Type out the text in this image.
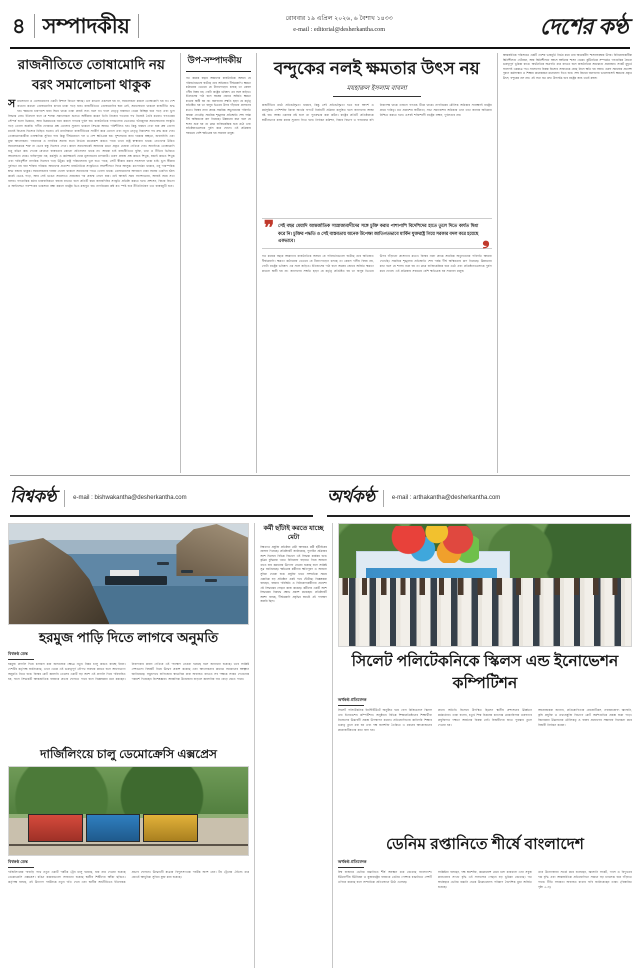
৪ সম্পাদকীয়	রোববার ১৯ এপ্রিল ২০২৬, ৬ বৈশাখ ১৪৩৩
e-mail : editorial@desherkantha.com	দেশের কণ্ঠ
রাজনীতিতে তোষামোদি নয় বরং সমালোচনা থাকুক
সমালোচনা ও তোষামোদের একটা বিশাল বিভেদ আছে। গুণ কখনো একসঙ্গে হয় না, সমালোচনা করলে তোষামোদি হয় না। দেশ কখনো কখনো তোষামোদির চাদরে ঢাকা পড়ে যায়। রাজনীতিতে তোষামোদির স্থান নেই, সমালোচনা থাকলে রাজনীতি শুদ্ধ হয়। ক্ষমতার চারপাশে যারা ঘিরে থাকে তারা প্রায়ই সত্য বলে না। ফলে নেতৃত্ব বাস্তবতা থেকে বিচ্ছিন্ন হয়ে পড়ে এবং ভুল সিদ্ধান্ত নেয়। ইতিহাস বলে যে শাসক সমালোচনা শুনতে অস্বীকার করেন তিনি নিজের পতনের পথ নিজেই তৈরি করেন। গণতন্ত্রের সৌন্দর্য হলো ভিন্নমত, আর ভিন্নমতকে দমন করলে গণতন্ত্র দুর্বল হয়। রাজনৈতিক দলগুলোর ভেতরেও গঠনমূলক সমালোচনার সংস্কৃতি গড়ে তোলা জরুরি। দলীয় ফোরামে প্রশ্ন তোলার সুযোগ থাকলে সিদ্ধান্ত আরও পরিশীলিত হয়। কিন্তু বাস্তবে দেখা যায় প্রশ্ন তোলা মানেই বিদ্রোহ হিসেবে চিহ্নিত হওয়া। এই মানসিকতা রাজনীতিকে সংকীর্ণ করে তোলে এবং নতুন নেতৃত্ব বিকাশের পথ রুদ্ধ করে দেয়। তোষামোদকারীরা তাৎক্ষণিক সুবিধা পায় কিন্তু দীর্ঘমেয়াদে দল ও দেশ ক্ষতিগ্রস্ত হয়। সুশাসনের জন্য দরকার স্বচ্ছতা, জবাবদিহি এবং মুক্ত আলোচনা। গণমাধ্যম ও নাগরিক সমাজ যখন নির্ভয়ে মতপ্রকাশ করতে পারে তখন রাষ্ট্র স্বাস্থ্যবান থাকে। নেতাদের উচিত সমালোচককে শত্রু না ভেবে বন্ধু হিসেবে দেখা। কারণ সমালোচকই আয়নার মতো প্রকৃত চেহারা দেখিয়ে দেয়। অন্যদিকে তোষামোদি শুধু রঙিন কাচ দেখায় যেখানে বাস্তবতার কোনো প্রতিফলন থাকে না। আমরা চাই রাজনীতিতে যুক্তি, তথ্য ও নীতির ভিত্তিতে আলোচনা হোক। ব্যক্তিপূজা নয়, কর্মসূচি ও কর্মদক্ষতাই হোক মূল্যায়নের মাপকাঠি। তরুণ প্রজন্ম প্রশ্ন করতে শিখুক, যাচাই করতে শিখুক এবং দায়িত্বশীল নাগরিক হিসেবে গড়ে উঠুক। রাষ্ট্র পরিচালনায় ভুল হতে পারে, সেটি স্বীকার করার সৎসাহস থাকা চাই। ভুল স্বীকার দুর্বলতা নয় বরং শক্তির পরিচয়। আমাদের প্রত্যাশা রাজনৈতিক সংস্কৃতিতে সহনশীলতা ফিরে আসুক। মতপার্থক্য থাকবে, তবু পারস্পরিক শ্রদ্ধা বজায় থাকুক। সমালোচনার দরজা খোলা থাকলে সমাধানের পথও খোলা থাকে। তোষামোদের আবরণে ঢাকা সমাজ একদিন হঠাৎ করেই ভেঙে পড়ে, আর সেই ভাঙন সামলাতে প্রজন্মের পর প্রজন্ম লেগে যায়। তাই আজই সময় সংশোধনের, আজই সময় সত্য বলার। গণতান্ত্রিক চর্চার ধারাবাহিকতা বজায় রাখতে হলে প্রতিটি স্তরে জবাবদিহির সংস্কৃতি প্রতিষ্ঠা করতে হবে। প্রশাসন, বিচার বিভাগ ও আইনসভা পরস্পরের ভারসাম্য রক্ষা করলে রাষ্ট্রের ভিত মজবুত হয়। নাগরিকের কণ্ঠ যত স্পষ্ট হবে নীতিনির্ধারণ তত বাস্তবমুখী হবে।
উপ-সম্পাদকীয়
গত কয়েক বছরে আমাদের রাজনৈতিক অঙ্গনে যে পরিবর্তনগুলো ঘটেছে তার অভিঘাত দীর্ঘমেয়াদি। ক্ষমতা কাঠামোর ভেতরে যে টানাপোড়েন চলছে তা কেবল দলীয় বিষয় নয়, গোটা রাষ্ট্রের ভবিষ্যৎ এর সঙ্গে জড়িত। ইতিহাসের পাঠ বলে অস্ত্রের জোরে অর্জিত ক্ষমতা কখনো স্থায়ী হয় না। জনগণের সম্মতি ছাড়া যে কর্তৃত্ব প্রতিষ্ঠিত হয় তা বালুর ভিতের উপর দাঁড়ানো প্রাসাদের মতো। বিশ্বের নানা প্রান্তে সামরিক অভ্যুত্থানের পরিণতি আমরা দেখেছি। সাময়িক শৃঙ্খলার প্রতিশ্রুতি শেষ পর্যন্ত দীর্ঘ অস্থিরতায় রূপ নিয়েছে। উন্নয়নের কথা বলে যে শাসন শুরু হয় তা ক্রমে ব্যক্তিকেন্দ্রিক হয়ে ওঠে এবং প্রতিষ্ঠানগুলোকে দুর্বল করে ফেলে। এই প্রক্রিয়ায় সবচেয়ে বেশি ক্ষতিগ্রস্ত হয় সাধারণ মানুষ।
বন্দুকের নলই ক্ষমতার উৎস নয়
মযহারুল ইসলাম বাবলা
রাজনীতির মাঠে প্রতিদ্বন্দ্বিতা থাকবে, কিন্তু সেই প্রতিদ্বন্দ্বিতা হতে হবে আদর্শ ও কর্মসূচির। পেশিশক্তি কিংবা অর্থের দাপটে নির্বাচনী প্রক্রিয়া কলুষিত হলে জনগণের আস্থা নষ্ট হয়। আস্থা একবার নষ্ট হলে তা পুনরুদ্ধার করা কঠিন। রাষ্ট্রের প্রতিটি প্রতিষ্ঠানকে স্বাধীনভাবে কাজ করার সুযোগ দিতে হবে। নির্বাচন কমিশন, বিচার বিভাগ ও গণমাধ্যম যদি নিরপেক্ষ থাকে তাহলে গণতন্ত্র টিকে থাকে। নাগরিকের মৌলিক অধিকার সংরক্ষণই রাষ্ট্রের প্রথম দায়িত্ব। মত প্রকাশের স্বাধীনতা, সভা সমাবেশের অধিকার এবং তথ্য জানার অধিকার নিশ্চিত করতে হবে। এসবই শক্তিশালী রাষ্ট্রের লক্ষণ, দুর্বলতার নয়।
❞ সেই বছর মেয়াদি আন্তর্জাতিক সাম্রাজ্যবাদীদের সঙ্গে চুক্তি করার পাশাপাশি বিদেশিদের হাতে তুলে দিতে কার্যত দ্বিধা করে নি। চুক্তির পদ্ধতি ও সেই বাস্তবতায় অনেক উপেক্ষা জাতিগতভাবে মার্কিন যুক্তরাষ্ট্র গিয়ে সরকার বদল করে হয়েছে একভাবে।	❟
গত কয়েক বছরে আমাদের রাজনৈতিক অঙ্গনে যে পরিবর্তনগুলো ঘটেছে তার অভিঘাত দীর্ঘমেয়াদি। ক্ষমতা কাঠামোর ভেতরে যে টানাপোড়েন চলছে তা কেবল দলীয় বিষয় নয়, গোটা রাষ্ট্রের ভবিষ্যৎ এর সঙ্গে জড়িত। ইতিহাসের পাঠ বলে অস্ত্রের জোরে অর্জিত ক্ষমতা কখনো স্থায়ী হয় না। জনগণের সম্মতি ছাড়া যে কর্তৃত্ব প্রতিষ্ঠিত হয় তা বালুর ভিতের উপর দাঁড়ানো প্রাসাদের মতো। বিশ্বের নানা প্রান্তে সামরিক অভ্যুত্থানের পরিণতি আমরা দেখেছি। সাময়িক শৃঙ্খলার প্রতিশ্রুতি শেষ পর্যন্ত দীর্ঘ অস্থিরতায় রূপ নিয়েছে। উন্নয়নের কথা বলে যে শাসন শুরু হয় তা ক্রমে ব্যক্তিকেন্দ্রিক হয়ে ওঠে এবং প্রতিষ্ঠানগুলোকে দুর্বল করে ফেলে। এই প্রক্রিয়ায় সবচেয়ে বেশি ক্ষতিগ্রস্ত হয় সাধারণ মানুষ।
আন্তর্জাতিক পরিসরেও একটি দেশের ভাবমূর্তি নির্ভর করে তার অভ্যন্তরীণ শাসনব্যবস্থার উপর। বিনিয়োগকারীরা স্থিতিশীলতা খোঁজেন, আর স্থিতিশীলতা আসে আইনের শাসন থেকে। কূটনৈতিক সম্পর্কেও গণতান্ত্রিক বৈধতা গুরুত্বপূর্ণ ভূমিকা রাখে। অর্থনৈতিক অগ্রগতি ধরে রাখতে হলে রাজনৈতিক সমঝোতা প্রয়োজন। সংকট মুহূর্তে সংলাপই একমাত্র পথ। সংলাপের বিকল্প হিসেবে সংঘাতকে বেছে নিলে ক্ষতি হয় সবার। তরুণ সমাজের প্রত্যাশা পূরণে কর্মসংস্থান ও শিক্ষার মানোন্নয়নে মনোযোগ দিতে হবে। শেষ বিচারে জনগণের ভালোবাসাই ক্ষমতার প্রকৃত উৎস, বন্দুকের নল নয়। এই সত্য যত দ্রুত উপলব্ধি হবে রাষ্ট্রের জন্য ততই মঙ্গল।
বিশ্বকণ্ঠ	e-mail : bishwakantha@desherkantha.com	অর্থকণ্ঠ	e-mail : arthakantha@desherkantha.com
হরমুজ পাড়ি দিতে লাগবে অনুমতি
বিশ্বকণ্ঠ ডেস্ক
হরমুজ প্রণালি দিয়ে চলাচল করা জাহাজের ক্ষেত্রে নতুন নিয়ম চালু করতে যাচ্ছে ইরান। দেশটির কর্তৃপক্ষ জানিয়েছে, এখন থেকে এই গুরুত্বপূর্ণ নৌপথ ব্যবহার করতে হলে আগেভাগে অনুমতি নিতে হবে। বিশ্বের মোট জ্বালানি তেলের একটি বড় অংশ এই প্রণালি দিয়ে পরিবাহিত হয়, ফলে সিদ্ধান্তটি আন্তর্জাতিক বাজারে প্রভাব ফেলতে পারে বলে বিশ্লেষকরা মনে করছেন। নিরাপত্তার কারণ দেখিয়ে এই পদক্ষেপ নেওয়া হয়েছে বলে জানানো হয়েছে। তবে সংশ্লিষ্ট দেশগুলো বিষয়টি নিয়ে উদ্বেগ প্রকাশ করেছে এবং আলোচনার মাধ্যমে সমাধানের আহ্বান জানিয়েছে। সমুদ্রপথে বাণিজ্যের স্বাভাবিক ধারা অব্যাহত রাখতে সব পক্ষকে সংযম দেখানোর পরামর্শ দিয়েছেন বিশেষজ্ঞরা। আঞ্চলিক উত্তেজনা বাড়লে জ্বালানির দাম বেড়ে যেতে পারে।
দার্জিলিংয়ে চালু ডেমোক্রেসি এক্সপ্রেস
বিশ্বকণ্ঠ ডেস্ক
দার্জিলিংয়ের পাহাড়ি পথে নতুন একটি পর্যটক ট্রেন চালু হয়েছে, যার নাম দেওয়া হয়েছে ডেমোক্রেসি এক্সপ্রেস। রঙিন কামরাগুলো সাজানো হয়েছে স্থানীয় শিল্পীদের আঁকা ছবিতে। কর্তৃপক্ষ বলছে, এই উদ্যোগ পর্যটনকে নতুন গতি দেবে এবং স্থানীয় অর্থনীতিতে ইতিবাচক প্রভাব ফেলবে। উদ্বোধনী যাত্রায় বিপুলসংখ্যক পর্যটক অংশ নেন। টয় ট্রেনের ঐতিহ্য ধরে রেখেই আধুনিক সুবিধা যুক্ত করা হয়েছে।
কর্মী ছাঁটাই করতে যাচ্ছে মেটা
বিশ্বখ্যাত প্রযুক্তি প্রতিষ্ঠান মেটা আবারও কর্মী ছাঁটাইয়ের ঘোষণা দিয়েছে। প্রতিষ্ঠানটি জানিয়েছে, পুনর্গঠন প্রক্রিয়ার অংশ হিসেবে বিভিন্ন বিভাগে এই সিদ্ধান্ত কার্যকর হবে। কৃত্রিম বুদ্ধিমত্তা খাতে বিনিয়োগ বাড়াতে গিয়ে অন্যান্য খাতে ব্যয় কমানোর উদ্যোগ নেওয়া হয়েছে বলে সংশ্লিষ্ট সূত্র জানিয়েছে। ক্ষতিগ্রস্ত কর্মীদের ক্ষতিপূরণ ও অন্যান্য সুবিধা দেওয়া হবে। প্রযুক্তি খাতে সাম্প্রতিক সময়ে একাধিক বড় প্রতিষ্ঠান একই পথে হেঁটেছে। বিশ্লেষকরা বলছেন, বাজার পরিস্থিতি ও বিনিয়োগকারীদের প্রত্যাশা এই সিদ্ধান্তের পেছনে কাজ করেছে। কর্মীদের একটি অংশ সিদ্ধান্তের বিরুদ্ধে ক্ষোভ প্রকাশ করেছেন। প্রতিষ্ঠানটি অবশ্য বলছে, দীর্ঘমেয়াদি প্রবৃদ্ধির স্বার্থেই এই পদক্ষেপ জরুরি ছিল।
সিলেট পলিটেকনিকে স্কিলস এন্ড ইনোভেশন কম্পিটিশন
অর্থকণ্ঠ প্রতিবেদক
সিলেট পলিটেকনিক ইনস্টিটিউটে অনুষ্ঠিত হয়ে গেল রিজিওনাল স্কিলস এন্ড ইনোভেশন কম্পিটিশন। অনুষ্ঠানে বিভিন্ন শিক্ষাপ্রতিষ্ঠানের শিক্ষার্থীরা নিজেদের উদ্ভাবনী প্রকল্প উপস্থাপন করেন। প্রতিযোগিতায় কারিগরি শিক্ষার গুরুত্ব তুলে ধরা হয় এবং দক্ষ জনশক্তি তৈরিতে এ ধরনের আয়োজনের প্রয়োজনীয়তার কথা বলা হয়।
প্রধান অতিথি হিসেবে উপস্থিত ছিলেন স্থানীয় প্রশাসনের ঊর্ধ্বতন কর্মকর্তারা। তারা বলেন, চতুর্থ শিল্প বিপ্লবের চ্যালেঞ্জ মোকাবিলায় তরুণদের প্রযুক্তিগত দক্ষতা অর্জনের বিকল্প নেই। বিজয়ীদের হাতে পুরস্কার তুলে দেওয়া হয়।
আয়োজকরা জানান, প্রতিযোগিতায় রোবোটিকস, নবায়নযোগ্য জ্বালানি, কৃষি প্রযুক্তি ও তথ্যপ্রযুক্তি বিভাগে মোট অর্ধশতাধিক প্রকল্প জমা পড়ে। বিচারকরা উদ্ভাবনের মৌলিকত্ব ও বাস্তব প্রয়োগের সম্ভাবনা বিবেচনা করে বিজয়ী নির্বাচন করেন।
ডেনিম রপ্তানিতে শীর্ষে বাংলাদেশ
অর্থকণ্ঠ প্রতিবেদক
বিশ্ব বাজারে ডেনিম রপ্তানিতে শীর্ষ অবস্থান ধরে রেখেছে বাংলাদেশ। ইউরোপীয় ইউনিয়ন ও যুক্তরাষ্ট্রের বাজারে ডেনিম পোশাক রপ্তানিতে দেশটি এগিয়ে রয়েছে বলে সাম্প্রতিক প্রতিবেদনে উঠে এসেছে।
সংশ্লিষ্টরা বলছেন, দক্ষ শ্রমশক্তি, কমপ্লায়েন্স মেনে চলা কারখানা এবং সবুজ কারখানার সংখ্যা বৃদ্ধি এই সাফল্যের পেছনে বড় ভূমিকা রেখেছে। গত অর্থবছরে ডেনিম রপ্তানি থেকে উল্লেখযোগ্য পরিমাণ বৈদেশিক মুদ্রা অর্জিত হয়েছে।
তবে উদ্যোক্তারা সতর্ক করে বলেছেন, জ্বালানি সংকট, গ্যাস ও বিদ্যুতের দাম বৃদ্ধি এবং আন্তর্জাতিক প্রতিযোগিতা সামনে বড় চ্যালেঞ্জ হয়ে দাঁড়াতে পারে। নীতি সহায়তা অব্যাহত রাখার দাবি জানিয়েছেন তারা। (বিস্তারিত পৃষ্ঠা ৫-এ)
